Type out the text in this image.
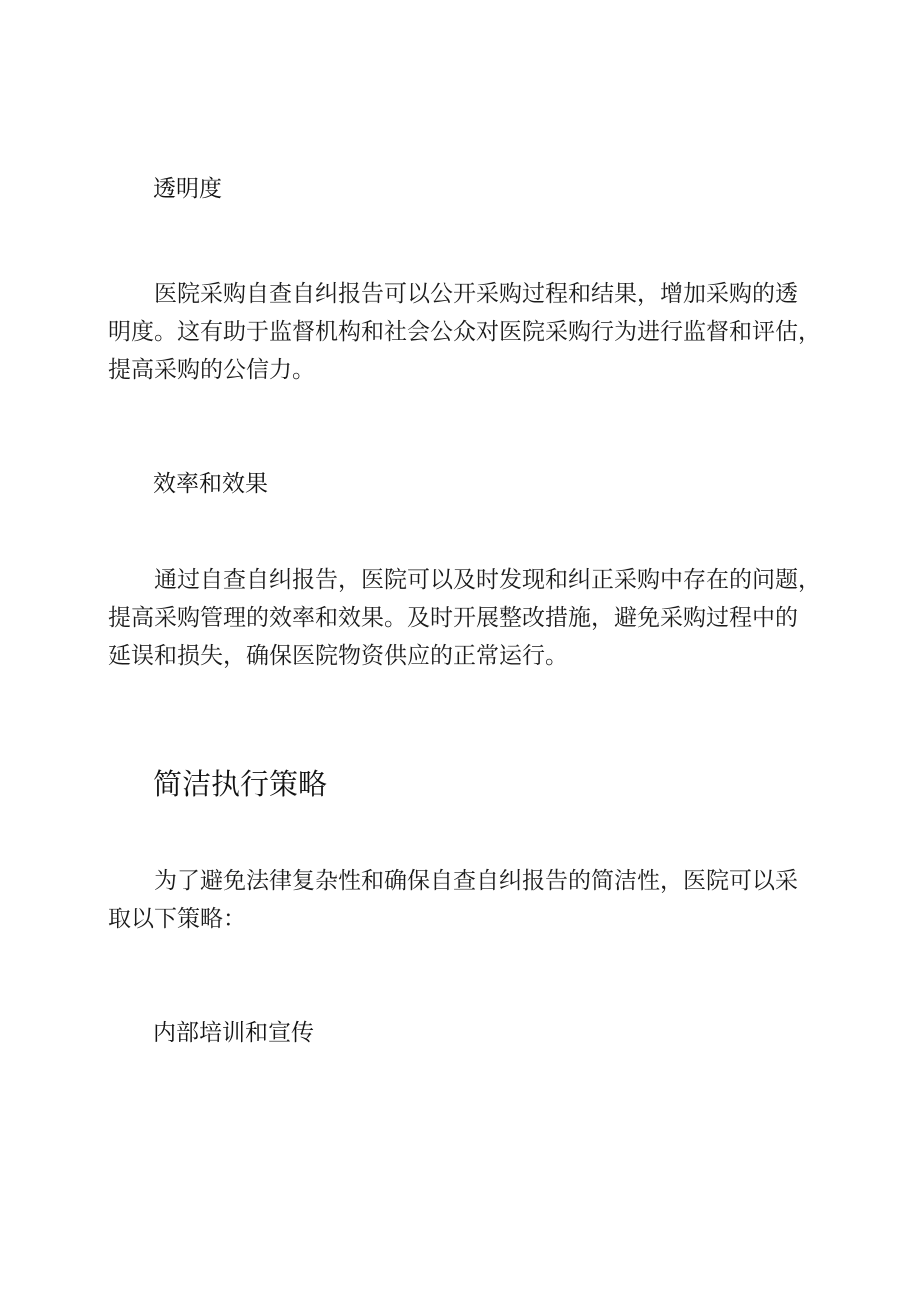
透明度
医院采购自查自纠报告可以公开采购过程和结果，增加采购的透
明度。这有助于监督机构和社会公众对医院采购行为进行监督和评估，
提高采购的公信力。
效率和效果
通过自查自纠报告，医院可以及时发现和纠正采购中存在的问题，
提高采购管理的效率和效果。及时开展整改措施，避免采购过程中的
延误和损失，确保医院物资供应的正常运行。
简洁执行策略
为了避免法律复杂性和确保自查自纠报告的简洁性，医院可以采
取以下策略：
内部培训和宣传
